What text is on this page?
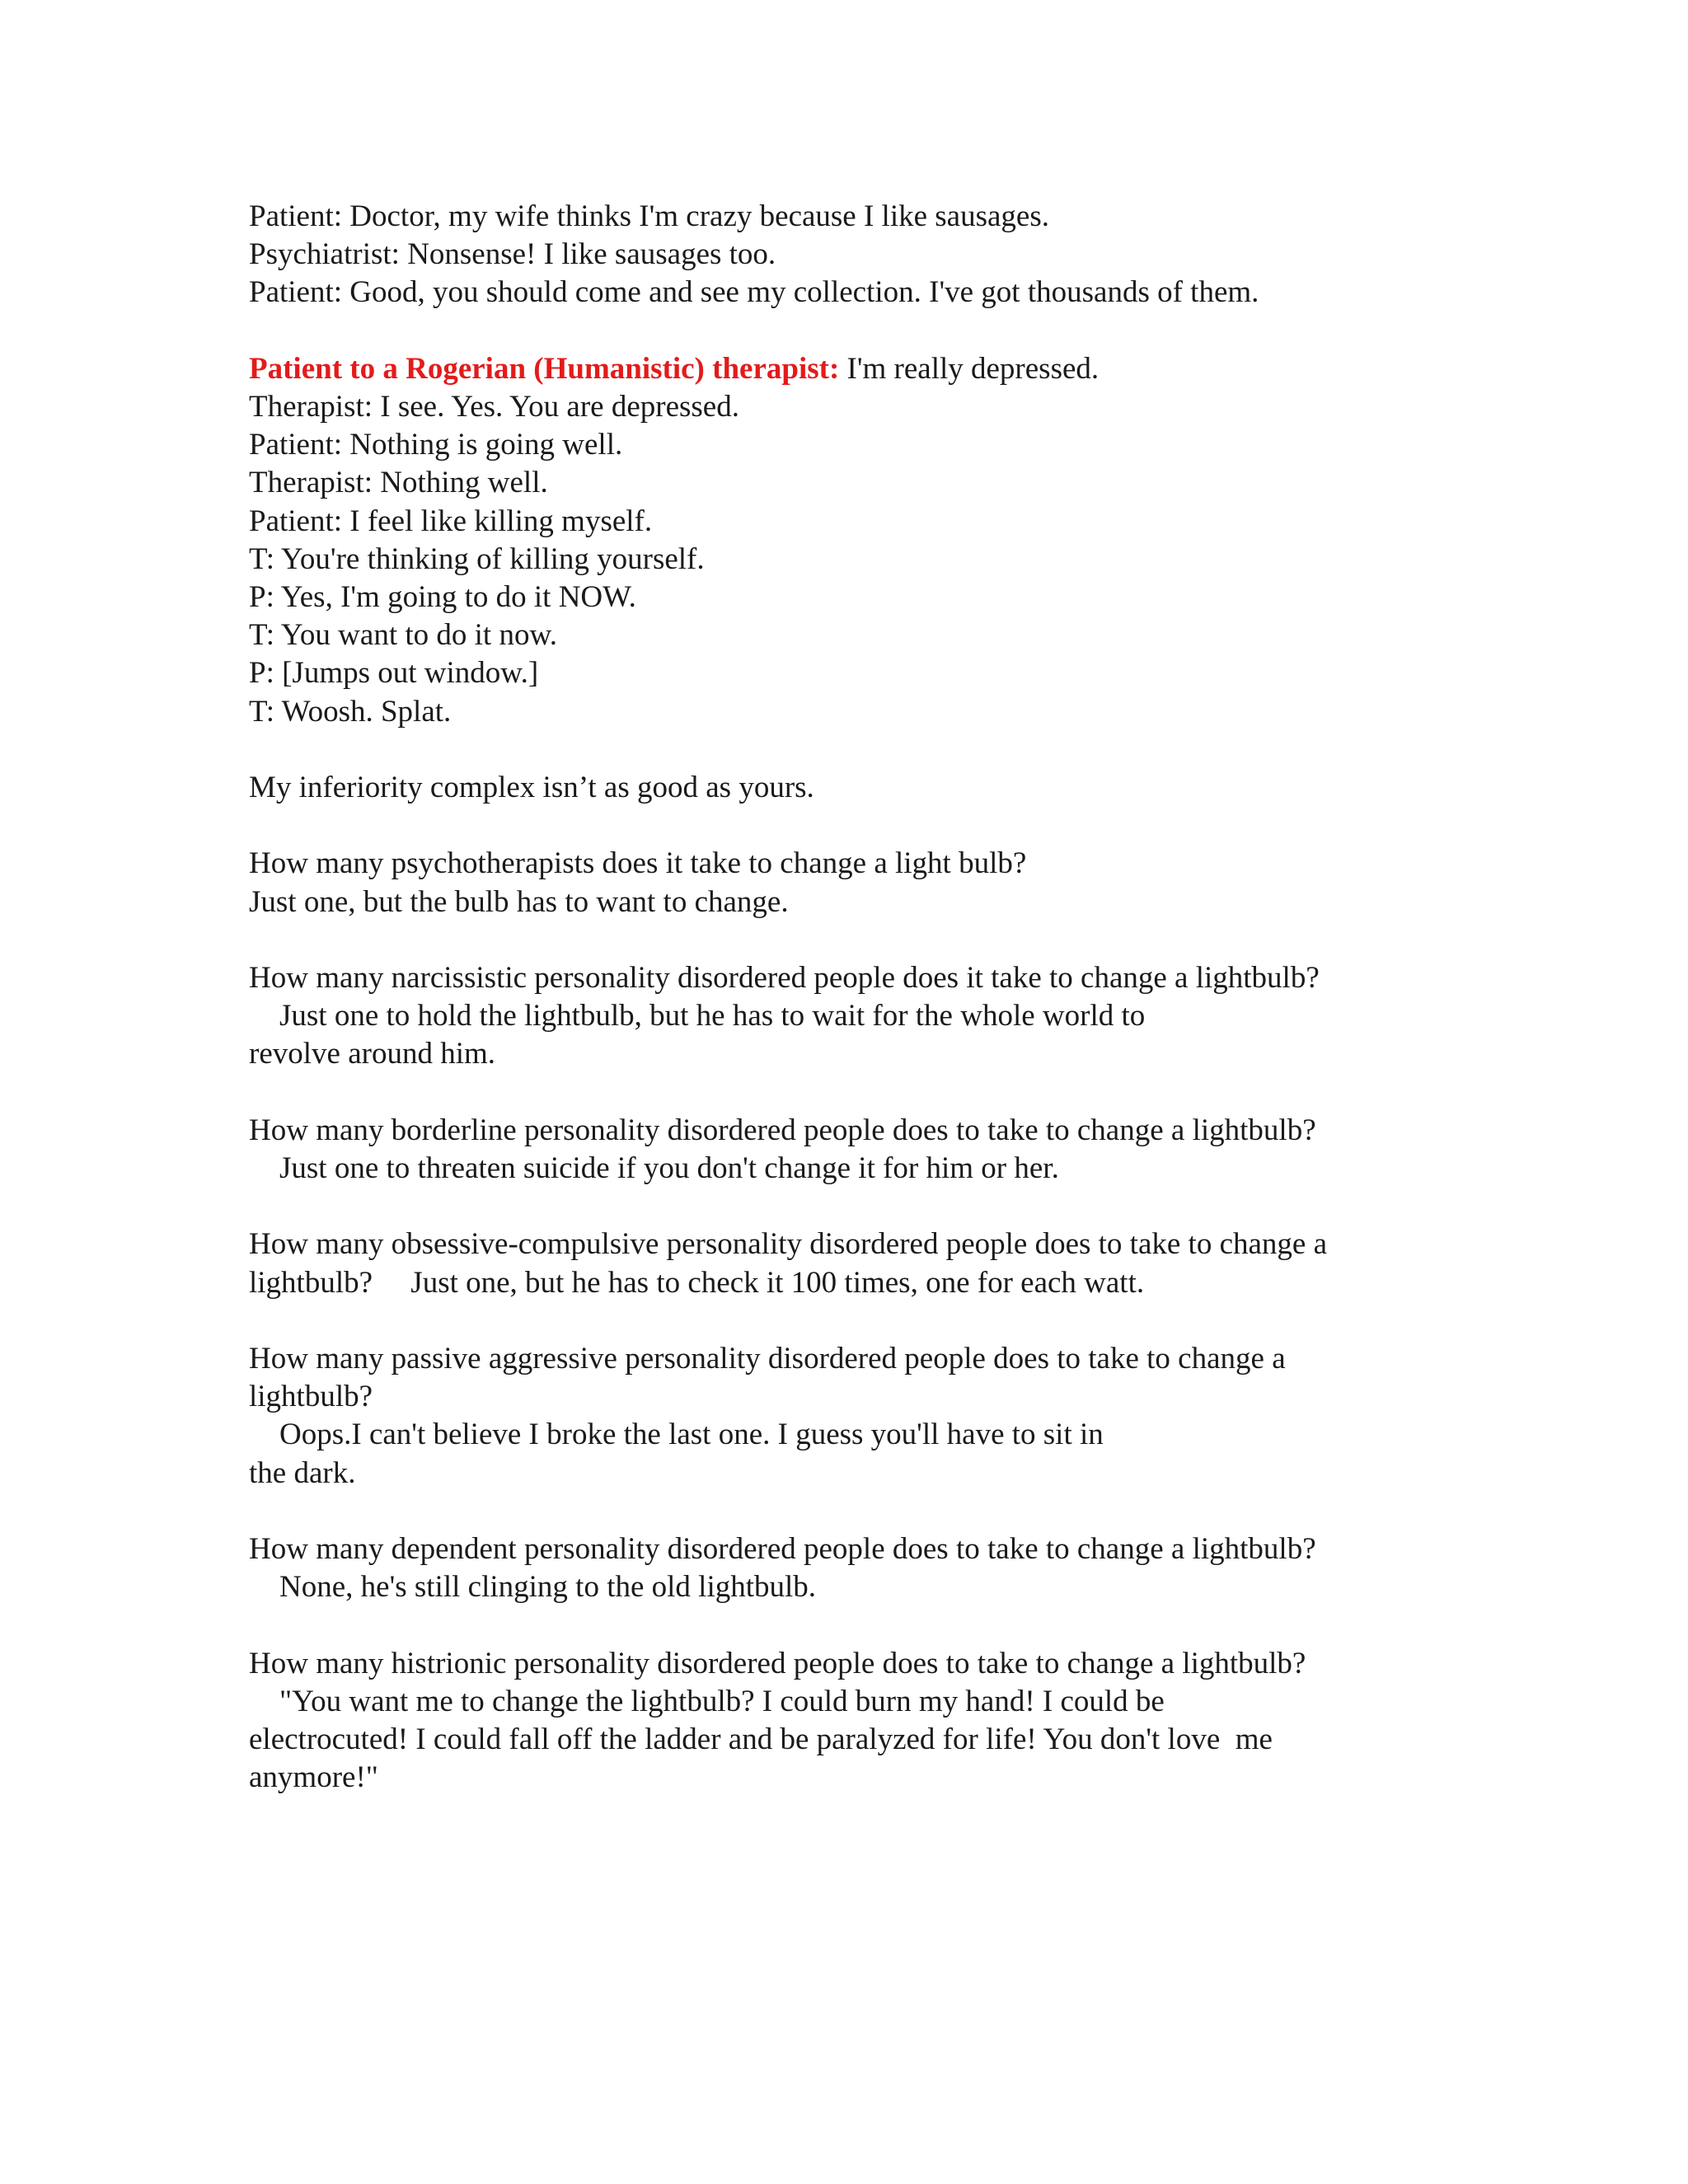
Patient: Doctor, my wife thinks I'm crazy because I like sausages.
Psychiatrist: Nonsense! I like sausages too.
Patient: Good, you should come and see my collection. I've got thousands of them.
Patient to a Rogerian (Humanistic) therapist: I'm really depressed.
Therapist: I see. Yes. You are depressed.
Patient: Nothing is going well.
Therapist: Nothing well.
Patient: I feel like killing myself.
T: You're thinking of killing yourself.
P: Yes, I'm going to do it NOW.
T: You want to do it now.
P: [Jumps out window.]
T: Woosh. Splat.
My inferiority complex isn’t as good as yours.
How many psychotherapists does it take to change a light bulb?
Just one, but the bulb has to want to change.
How many narcissistic personality disordered people does it take to change a lightbulb?
Just one to hold the lightbulb, but he has to wait for the whole world to
revolve around him.
How many borderline personality disordered people does to take to change a lightbulb?
Just one to threaten suicide if you don't change it for him or her.
How many obsessive-compulsive personality disordered people does to take to change a
lightbulb?     Just one, but he has to check it 100 times, one for each watt.
How many passive aggressive personality disordered people does to take to change a
lightbulb?
Oops.I can't believe I broke the last one. I guess you'll have to sit in
the dark.
How many dependent personality disordered people does to take to change a lightbulb?
None, he's still clinging to the old lightbulb.
How many histrionic personality disordered people does to take to change a lightbulb?
"You want me to change the lightbulb? I could burn my hand! I could be
electrocuted! I could fall off the ladder and be paralyzed for life! You don't love  me
anymore!"
